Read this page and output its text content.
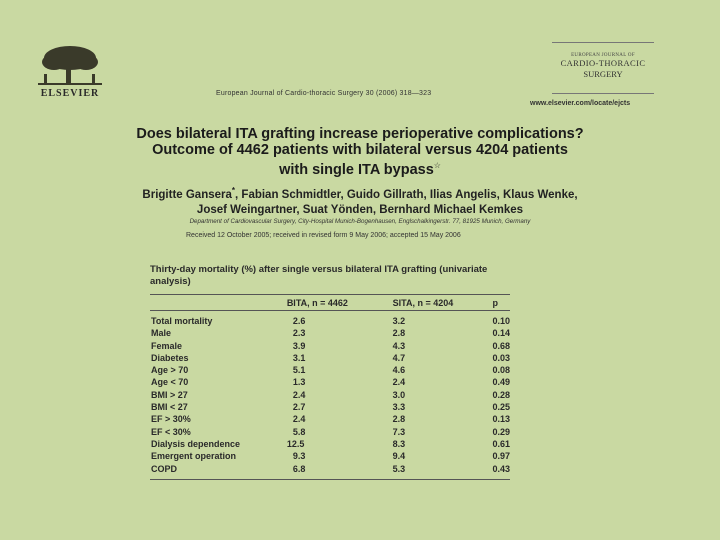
ELSEVIER	European Journal of Cardio-thoracic Surgery 30 (2006) 318—323
EUROPEAN JOURNAL OF
CARDIO-THORACIC
SURGERY
www.elsevier.com/locate/ejcts
Does bilateral ITA grafting increase perioperative complications?
Outcome of 4462 patients with bilateral versus 4204 patients
with single ITA bypass☆
Brigitte Gansera*, Fabian Schmidtler, Guido Gillrath, Ilias Angelis, Klaus Wenke,
Josef Weingartner, Suat Yönden, Bernhard Michael Kemkes
Department of Cardiovascular Surgery, City-Hospital Munich-Bogenhausen, Englschalkingerstr. 77, 81925 Munich, Germany
Received 12 October 2005; received in revised form 9 May 2006; accepted 15 May 2006
Thirty-day mortality (%) after single versus bilateral ITA grafting (univariate analysis)
	BITA, n = 4462	SITA, n = 4204	p

Total mortality	2.6	3.2	0.10
Male	2.3	2.8	0.14
Female	3.9	4.3	0.68
Diabetes	3.1	4.7	0.03
Age > 70	5.1	4.6	0.08
Age < 70	1.3	2.4	0.49
BMI > 27	2.4	3.0	0.28
BMI < 27	2.7	3.3	0.25
EF > 30%	2.4	2.8	0.13
EF < 30%	5.8	7.3	0.29
Dialysis dependence	12.5	8.3	0.61
Emergent operation	9.3	9.4	0.97
COPD	6.8	5.3	0.43
